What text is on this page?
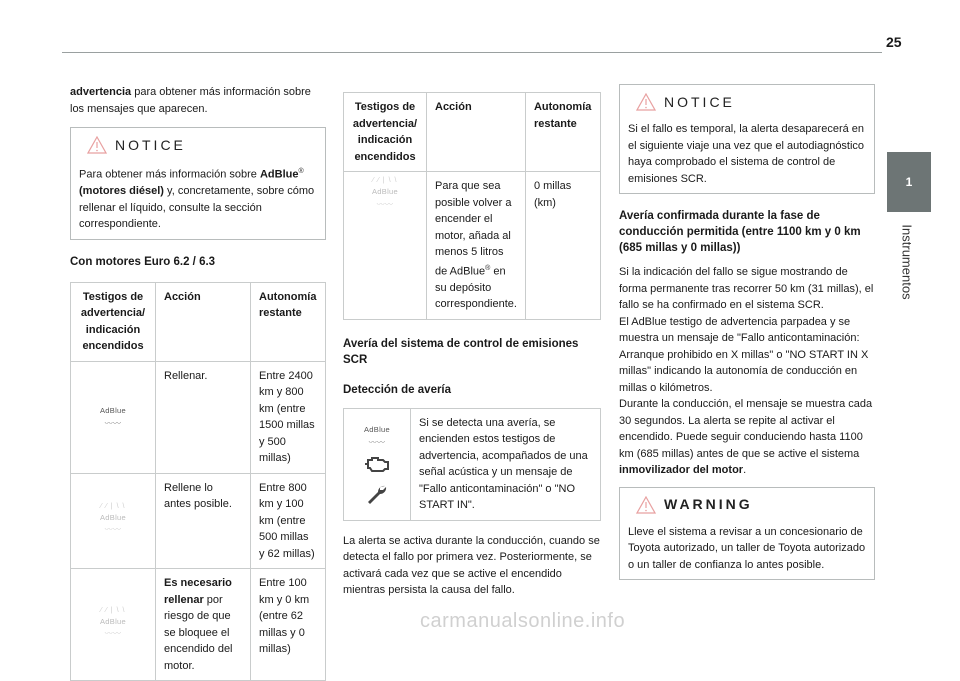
25
1
Instrumentos

advertencia para obtener más información sobre los mensajes que aparecen.

NOTICE

Para obtener más información sobre AdBlue® (motores diésel) y, concretamente, sobre cómo rellenar el líquido, consulte la sección correspondiente.

Con motores Euro 6.2 / 6.3
Testigos de advertencia/ indicación encendidos	Acción	Autonomía restante
AdBlue
〰〰	Rellenar.	Entre 2400 km y 800 km (entre 1500 millas y 500 millas)

⁄ ⁄ | \ \
AdBlue
〰〰	Rellene lo antes posible.	Entre 800 km y 100 km (entre 500 millas y 62 millas)

⁄ ⁄ | \ \
AdBlue
〰〰	Es necesario rellenar por riesgo de que se bloquee el encendido del motor.	Entre 100 km y 0 km (entre 62 millas y 0 millas)
Testigos de advertencia/ indicación encendidos	Acción	Autonomía restante

⁄ ⁄ | \ \
AdBlue
〰〰	Para que sea posible volver a encender el motor, añada al menos 5 litros de AdBlue® en su depósito correspondiente.	0 millas (km)
Avería del sistema de control de emisiones SCR
Detección de avería
AdBlue
〰〰
	Si se detecta una avería, se encienden estos testigos de advertencia, acompañados de una señal acústica y un mensaje de "Fallo anticontaminación" o "NO START IN".

La alerta se activa durante la conducción, cuando se detecta el fallo por primera vez. Posteriormente, se activará cada vez que se active el encendido mientras persista la causa del fallo.

NOTICE

Si el fallo es temporal, la alerta desaparecerá en el siguiente viaje una vez que el autodiagnóstico haya comprobado el sistema de control de emisiones SCR.

Avería confirmada durante la fase de conducción permitida (entre 1100 km y 0 km (685 millas y 0 millas))

Si la indicación del fallo se sigue mostrando de forma permanente tras recorrer 50 km (31 millas), el fallo se ha confirmado en el sistema SCR.

El AdBlue testigo de advertencia parpadea y se muestra un mensaje de "Fallo anticontaminación: Arranque prohibido en X millas" o "NO START IN X millas" indicando la autonomía de conducción en millas o kilómetros.

Durante la conducción, el mensaje se muestra cada 30 segundos. La alerta se repite al activar el encendido. Puede seguir conduciendo hasta 1100 km (685 millas) antes de que se active el sistema inmovilizador del motor.

WARNING

Lleve el sistema a revisar a un concesionario de Toyota autorizado, un taller de Toyota autorizado o un taller de confianza lo antes posible.

carmanualsonline.info
